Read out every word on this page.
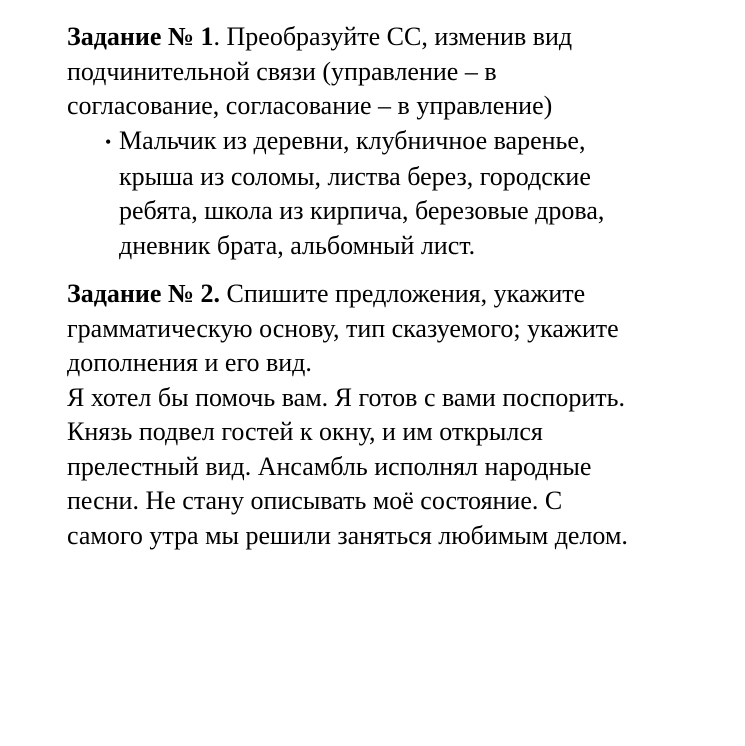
Задание № 1. Преобразуйте СС, изменив вид
подчинительной связи (управление – в
согласование, согласование – в управление)
• Мальчик из деревни, клубничное варенье,
крыша из соломы, листва берез, городские
ребята, школа из кирпича, березовые дрова,
дневник брата, альбомный лист.
Задание № 2. Спишите предложения, укажите
грамматическую основу, тип сказуемого; укажите
дополнения и его вид.
Я хотел бы помочь вам. Я готов с вами поспорить.
Князь подвел гостей к окну, и им открылся
прелестный вид. Ансамбль исполнял народные
песни. Не стану описывать моё состояние. С
самого утра мы решили заняться любимым делом.
